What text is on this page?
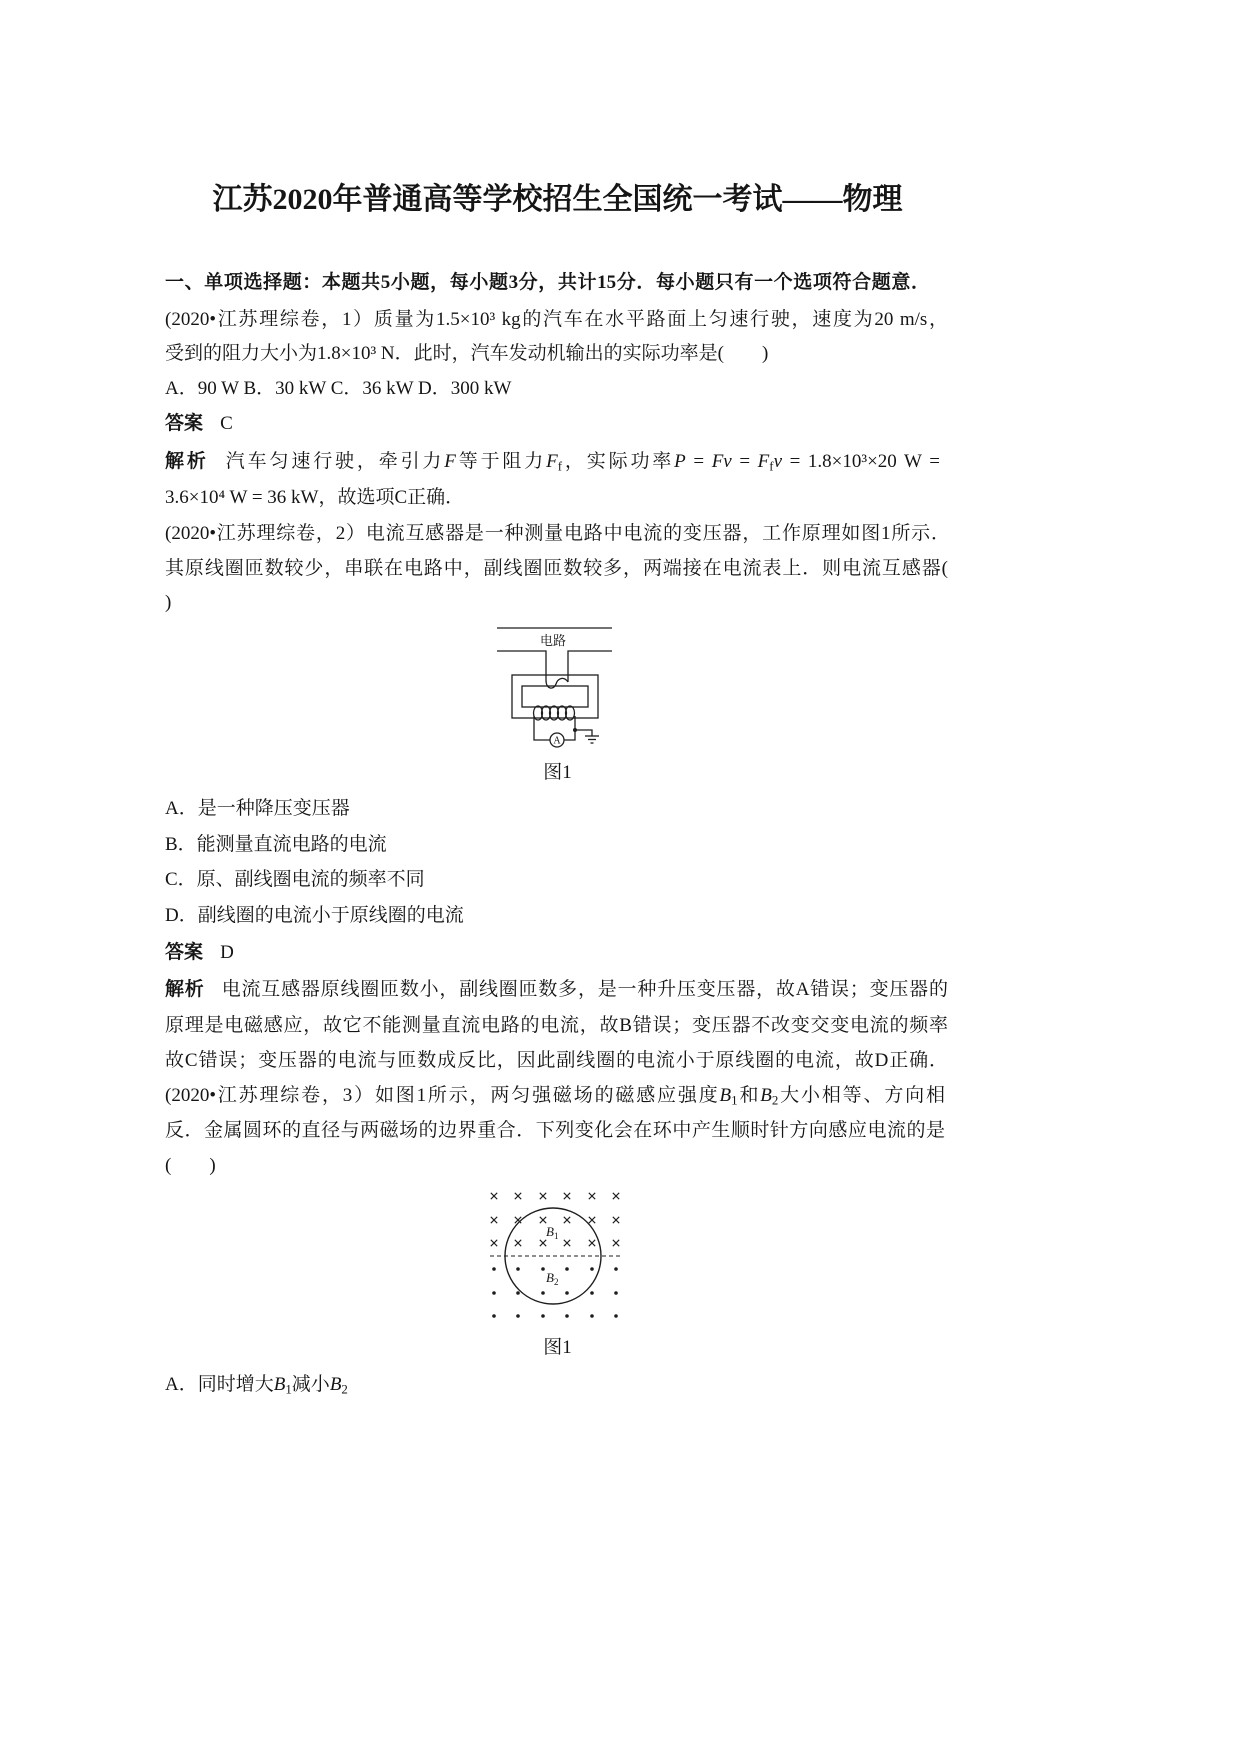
江苏2020年普通高等学校招生全国统一考试——物理
一、单项选择题：本题共5小题，每小题3分，共计15分．每小题只有一个选项符合题意．
(2020•江苏理综卷，1）质量为1.5×10³ kg的汽车在水平路面上匀速行驶，速度为20 m/s，
受到的阻力大小为1.8×10³ N．此时，汽车发动机输出的实际功率是(　　)
A．90 W B．30 kW C．36 kW D．300 kW
答案 C
解析 汽车匀速行驶，牵引力F等于阻力$F_f$，实际功率$P = Fv = F_fv = 1.8\times 10^3\times 20$ W =
3.6×10⁴ W = 36 kW，故选项C正确．
(2020•江苏理综卷，2）电流互感器是一种测量电路中电流的变压器，工作原理如图1所示．
其原线圈匝数较少，串联在电路中，副线圈匝数较多，两端接在电流表上．则电流互感器(
)
电路
A
图1
A．是一种降压变压器
B．能测量直流电路的电流
C．原、副线圈电流的频率不同
D．副线圈的电流小于原线圈的电流
答案 D
解析 电流互感器原线圈匝数小，副线圈匝数多，是一种升压变压器，故A错误；变压器的
原理是电磁感应，故它不能测量直流电路的电流，故B错误；变压器不改变交变电流的频率
故C错误；变压器的电流与匝数成反比，因此副线圈的电流小于原线圈的电流，故D正确．
(2020•江苏理综卷，3）如图1所示，两匀强磁场的磁感应强度$B_1$和$B_2$大小相等、方向相
反．金属圆环的直径与两磁场的边界重合．下列变化会在环中产生顺时针方向感应电流的是
(　　)
$B_1$
$B_2$
图1
A．同时增大$B_1$减小$B_2$
